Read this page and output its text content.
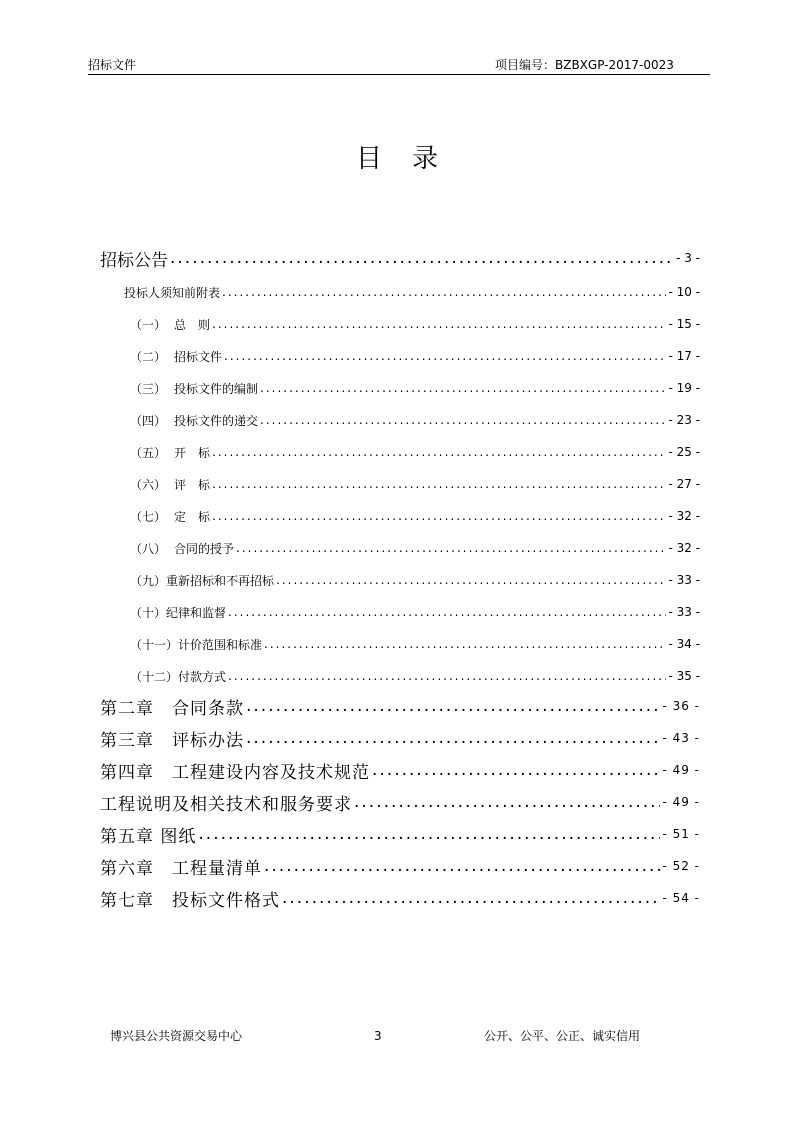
招标文件	项目编号：BZBXGP-2017-0023
目录
招标公告 .....	- 3 -
投标人须知前附表 .....	- 10 -
（一） 总　则 .....	- 15 -
（二） 招标文件 .....	- 17 -
（三） 投标文件的编制 .....	- 19 -
（四） 投标文件的递交 .....	- 23 -
（五） 开　标 .....	- 25 -
（六） 评　标 .....	- 27 -
（七） 定　标 .....	- 32 -
（八） 合同的授予 .....	- 32 -
（九）重新招标和不再招标 .....	- 33 -
（十）纪律和监督 .....	- 33 -
（十一）计价范围和标准 .....	- 34 -
（十二）付款方式 .....	- 35 -
第二章　合同条款 .....	- 36 -
第三章　评标办法 .....	- 43 -
第四章　工程建设内容及技术规范 .....	- 49 -
工程说明及相关技术和服务要求 .....	- 49 -
第五章 图纸 .....	- 51 -
第六章　工程量清单 .....	- 52 -
第七章　投标文件格式 .....	- 54 -
博兴县公共资源交易中心	3	公开、公平、公正、诚实信用
